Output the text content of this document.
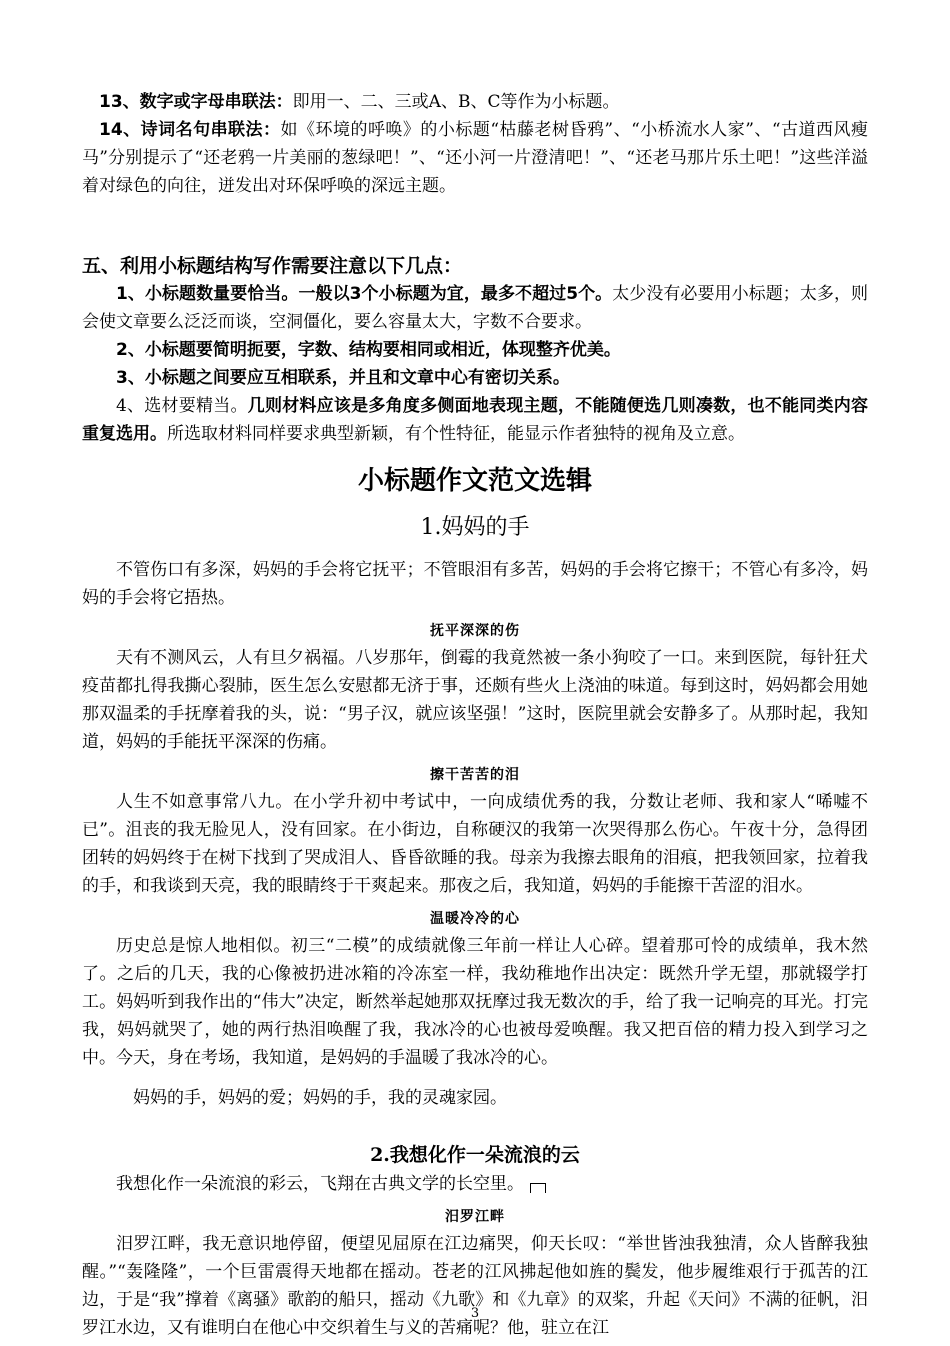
13、数字或字母串联法：即用一、二、三或A、B、C等作为小标题。

14、诗词名句串联法：如《环境的呼唤》的小标题“枯藤老树昏鸦”、“小桥流水人家”、“古道西风瘦马”分别提示了“还老鸦一片美丽的葱绿吧！”、“还小河一片澄清吧！”、“还老马那片乐土吧！”这些洋溢着对绿色的向往，迸发出对环保呼唤的深远主题。

五、利用小标题结构写作需要注意以下几点：

1、小标题数量要恰当。一般以3个小标题为宜，最多不超过5个。太少没有必要用小标题；太多，则会使文章要么泛泛而谈，空洞僵化，要么容量太大，字数不合要求。

2、小标题要简明扼要，字数、结构要相同或相近，体现整齐优美。

3、小标题之间要应互相联系，并且和文章中心有密切关系。

4、选材要精当。几则材料应该是多角度多侧面地表现主题，不能随便选几则凑数，也不能同类内容重复选用。所选取材料同样要求典型新颖，有个性特征，能显示作者独特的视角及立意。

小标题作文范文选辑
1.妈妈的手

不管伤口有多深，妈妈的手会将它抚平；不管眼泪有多苦，妈妈的手会将它擦干；不管心有多冷，妈妈的手会将它捂热。

抚平深深的伤

天有不测风云，人有旦夕祸福。八岁那年，倒霉的我竟然被一条小狗咬了一口。来到医院，每针狂犬疫苗都扎得我撕心裂肺，医生怎么安慰都无济于事，还颇有些火上浇油的味道。每到这时，妈妈都会用她那双温柔的手抚摩着我的头，说：“男子汉，就应该坚强！”这时，医院里就会安静多了。从那时起，我知道，妈妈的手能抚平深深的伤痛。

擦干苦苦的泪

人生不如意事常八九。在小学升初中考试中，一向成绩优秀的我，分数让老师、我和家人“唏嘘不已”。沮丧的我无脸见人，没有回家。在小街边，自称硬汉的我第一次哭得那么伤心。午夜十分，急得团团转的妈妈终于在树下找到了哭成泪人、昏昏欲睡的我。母亲为我擦去眼角的泪痕，把我领回家，拉着我的手，和我谈到天亮，我的眼睛终于干爽起来。那夜之后，我知道，妈妈的手能擦干苦涩的泪水。

温暖冷冷的心

历史总是惊人地相似。初三“二模”的成绩就像三年前一样让人心碎。望着那可怜的成绩单，我木然了。之后的几天，我的心像被扔进冰箱的冷冻室一样，我幼稚地作出决定：既然升学无望，那就辍学打工。妈妈听到我作出的“伟大”决定，断然举起她那双抚摩过我无数次的手，给了我一记响亮的耳光。打完我，妈妈就哭了，她的两行热泪唤醒了我，我冰冷的心也被母爱唤醒。我又把百倍的精力投入到学习之中。今天，身在考场，我知道，是妈妈的手温暖了我冰冷的心。

妈妈的手，妈妈的爱；妈妈的手，我的灵魂家园。

2.我想化作一朵流浪的云

我想化作一朵流浪的彩云，飞翔在古典文学的长空里。

汨罗江畔

汨罗江畔，我无意识地停留，便望见屈原在江边痛哭，仰天长叹：“举世皆浊我独清，众人皆醉我独醒。”“轰隆隆”，一个巨雷震得天地都在摇动。苍老的江风拂起他如旌的鬓发，他步履维艰行于孤苦的江边，于是“我”撑着《离骚》歌韵的船只，摇动《九歌》和《九章》的双桨，升起《天问》不满的征帆，汨罗江水边，又有谁明白在他心中交织着生与义的苦痛呢？他，驻立在江

3
